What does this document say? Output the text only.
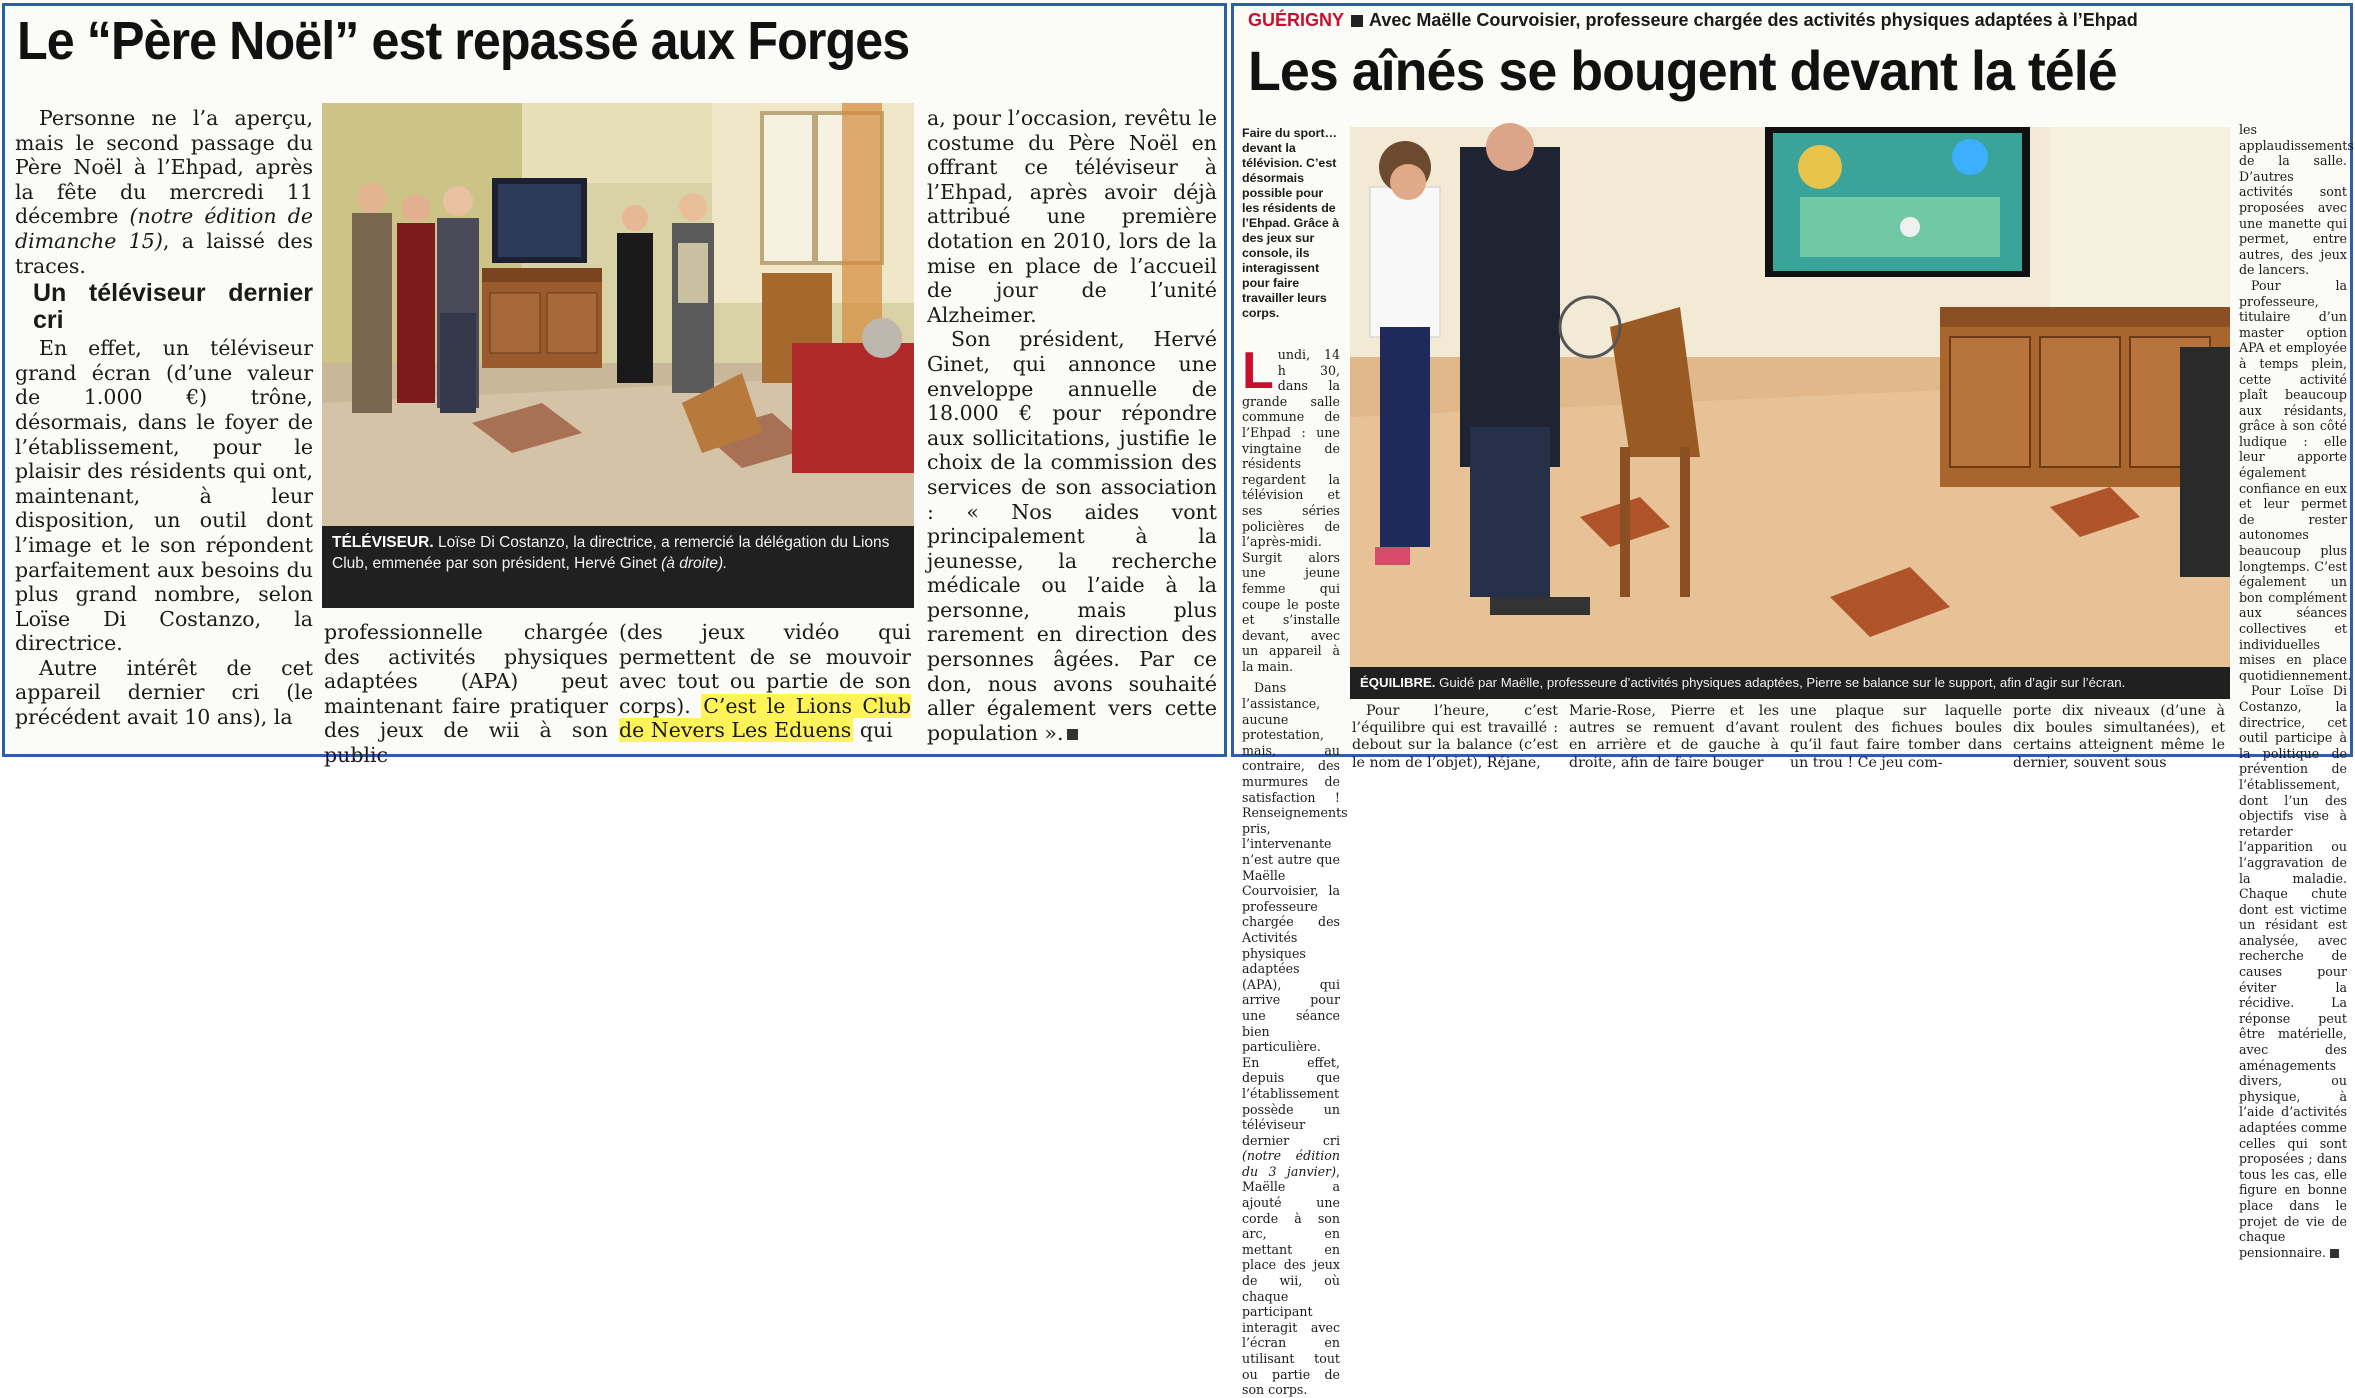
Le “Père Noël” est repassé aux Forges

Personne ne l’a aperçu, mais le second passage du Père Noël à l’Ehpad, après la fête du mercredi 11 décembre (notre édition de dimanche 15), a laissé des traces.

Un téléviseur dernier cri

En effet, un téléviseur grand écran (d’une valeur de 1.000 €) trône, désormais, dans le foyer de l’établissement, pour le plaisir des résidents qui ont, maintenant, à leur disposition, un outil dont l’image et le son répondent parfaitement aux besoins du plus grand nombre, selon Loïse Di Costanzo, la directrice.

Autre intérêt de cet appareil dernier cri (le précédent avait 10 ans), la

TÉLÉVISEUR. Loïse Di Costanzo, la directrice, a remercié la délégation du Lions Club, emmenée par son président, Hervé Ginet (à droite).

professionnelle chargée des activités physiques adaptées (APA) peut maintenant faire pratiquer des jeux de wii à son public

(des jeux vidéo qui permettent de se mouvoir avec tout ou partie de son corps). C’est le Lions Club de Nevers Les Eduens qui

a, pour l’occasion, revêtu le costume du Père Noël en offrant ce téléviseur à l’Ehpad, après avoir déjà attribué une première dotation en 2010, lors de la mise en place de l’accueil de jour de l’unité Alzheimer.

Son président, Hervé Ginet, qui annonce une enveloppe annuelle de 18.000 € pour répondre aux sollicitations, justifie le choix de la commission des services de son association : « Nos aides vont principalement à la jeunesse, la recherche médicale ou l’aide à la personne, mais plus rarement en direction des personnes âgées. Par ce don, nous avons souhaité aller également vers cette population ».

GUÉRIGNY  Avec Maëlle Courvoisier, professeure chargée des activités physiques adaptées à l’Ehpad
Les aînés se bougent devant la télé

Faire du sport… devant la télévision. C’est désormais possible pour les résidents de l’Ehpad. Grâce à des jeux sur console, ils interagissent pour faire travailler leurs corps.

L undi, 14 h 30, dans la grande salle commune de l’Ehpad : une vingtaine de résidents regardent la télévision et ses séries policières de l’après-midi. Surgit alors une jeune femme qui coupe le poste et s’installe devant, avec un appareil à la main.

Dans l’assistance, aucune protestation, mais, au contraire, des murmures de satisfaction ! Renseignements pris, l’intervenante n’est autre que Maëlle Courvoisier, la professeure chargée des Activités physiques adaptées (APA), qui arrive pour une séance bien particulière. En effet, depuis que l’établissement possède un téléviseur dernier cri (notre édition du 3 janvier), Maëlle a ajouté une corde à son arc, en mettant en place des jeux de wii, où chaque participant interagit avec l’écran en utilisant tout ou partie de son corps.

ÉQUILIBRE. Guidé par Maëlle, professeure d’activités physiques adaptées, Pierre se balance sur le support, afin d’agir sur l’écran.

Pour l’heure, c’est l’équilibre qui est travaillé : debout sur la balance (c’est le nom de l’objet), Réjane,

Marie-Rose, Pierre et les autres se remuent d’avant en arrière et de gauche à droite, afin de faire bouger

une plaque sur laquelle roulent des fichues boules qu’il faut faire tomber dans un trou ! Ce jeu com-

porte dix niveaux (d’une à dix boules simultanées), et certains atteignent même le dernier, souvent sous

les applaudissements de la salle. D’autres activités sont proposées avec une manette qui permet, entre autres, des jeux de lancers.

Pour la professeure, titulaire d’un master option APA et employée à temps plein, cette activité plaît beaucoup aux résidants, grâce à son côté ludique : elle leur apporte également confiance en eux et leur permet de rester autonomes beaucoup plus longtemps. C’est également un bon complément aux séances collectives et individuelles mises en place quotidiennement.

Pour Loïse Di Costanzo, la directrice, cet outil participe à la politique de prévention de l’établissement, dont l’un des objectifs vise à retarder l’apparition ou l’aggravation de la maladie. Chaque chute dont est victime un résidant est analysée, avec recherche de causes pour éviter la récidive. La réponse peut être matérielle, avec des aménagements divers, ou physique, à l’aide d’activités adaptées comme celles qui sont proposées ; dans tous les cas, elle figure en bonne place dans le projet de vie de chaque pensionnaire.
